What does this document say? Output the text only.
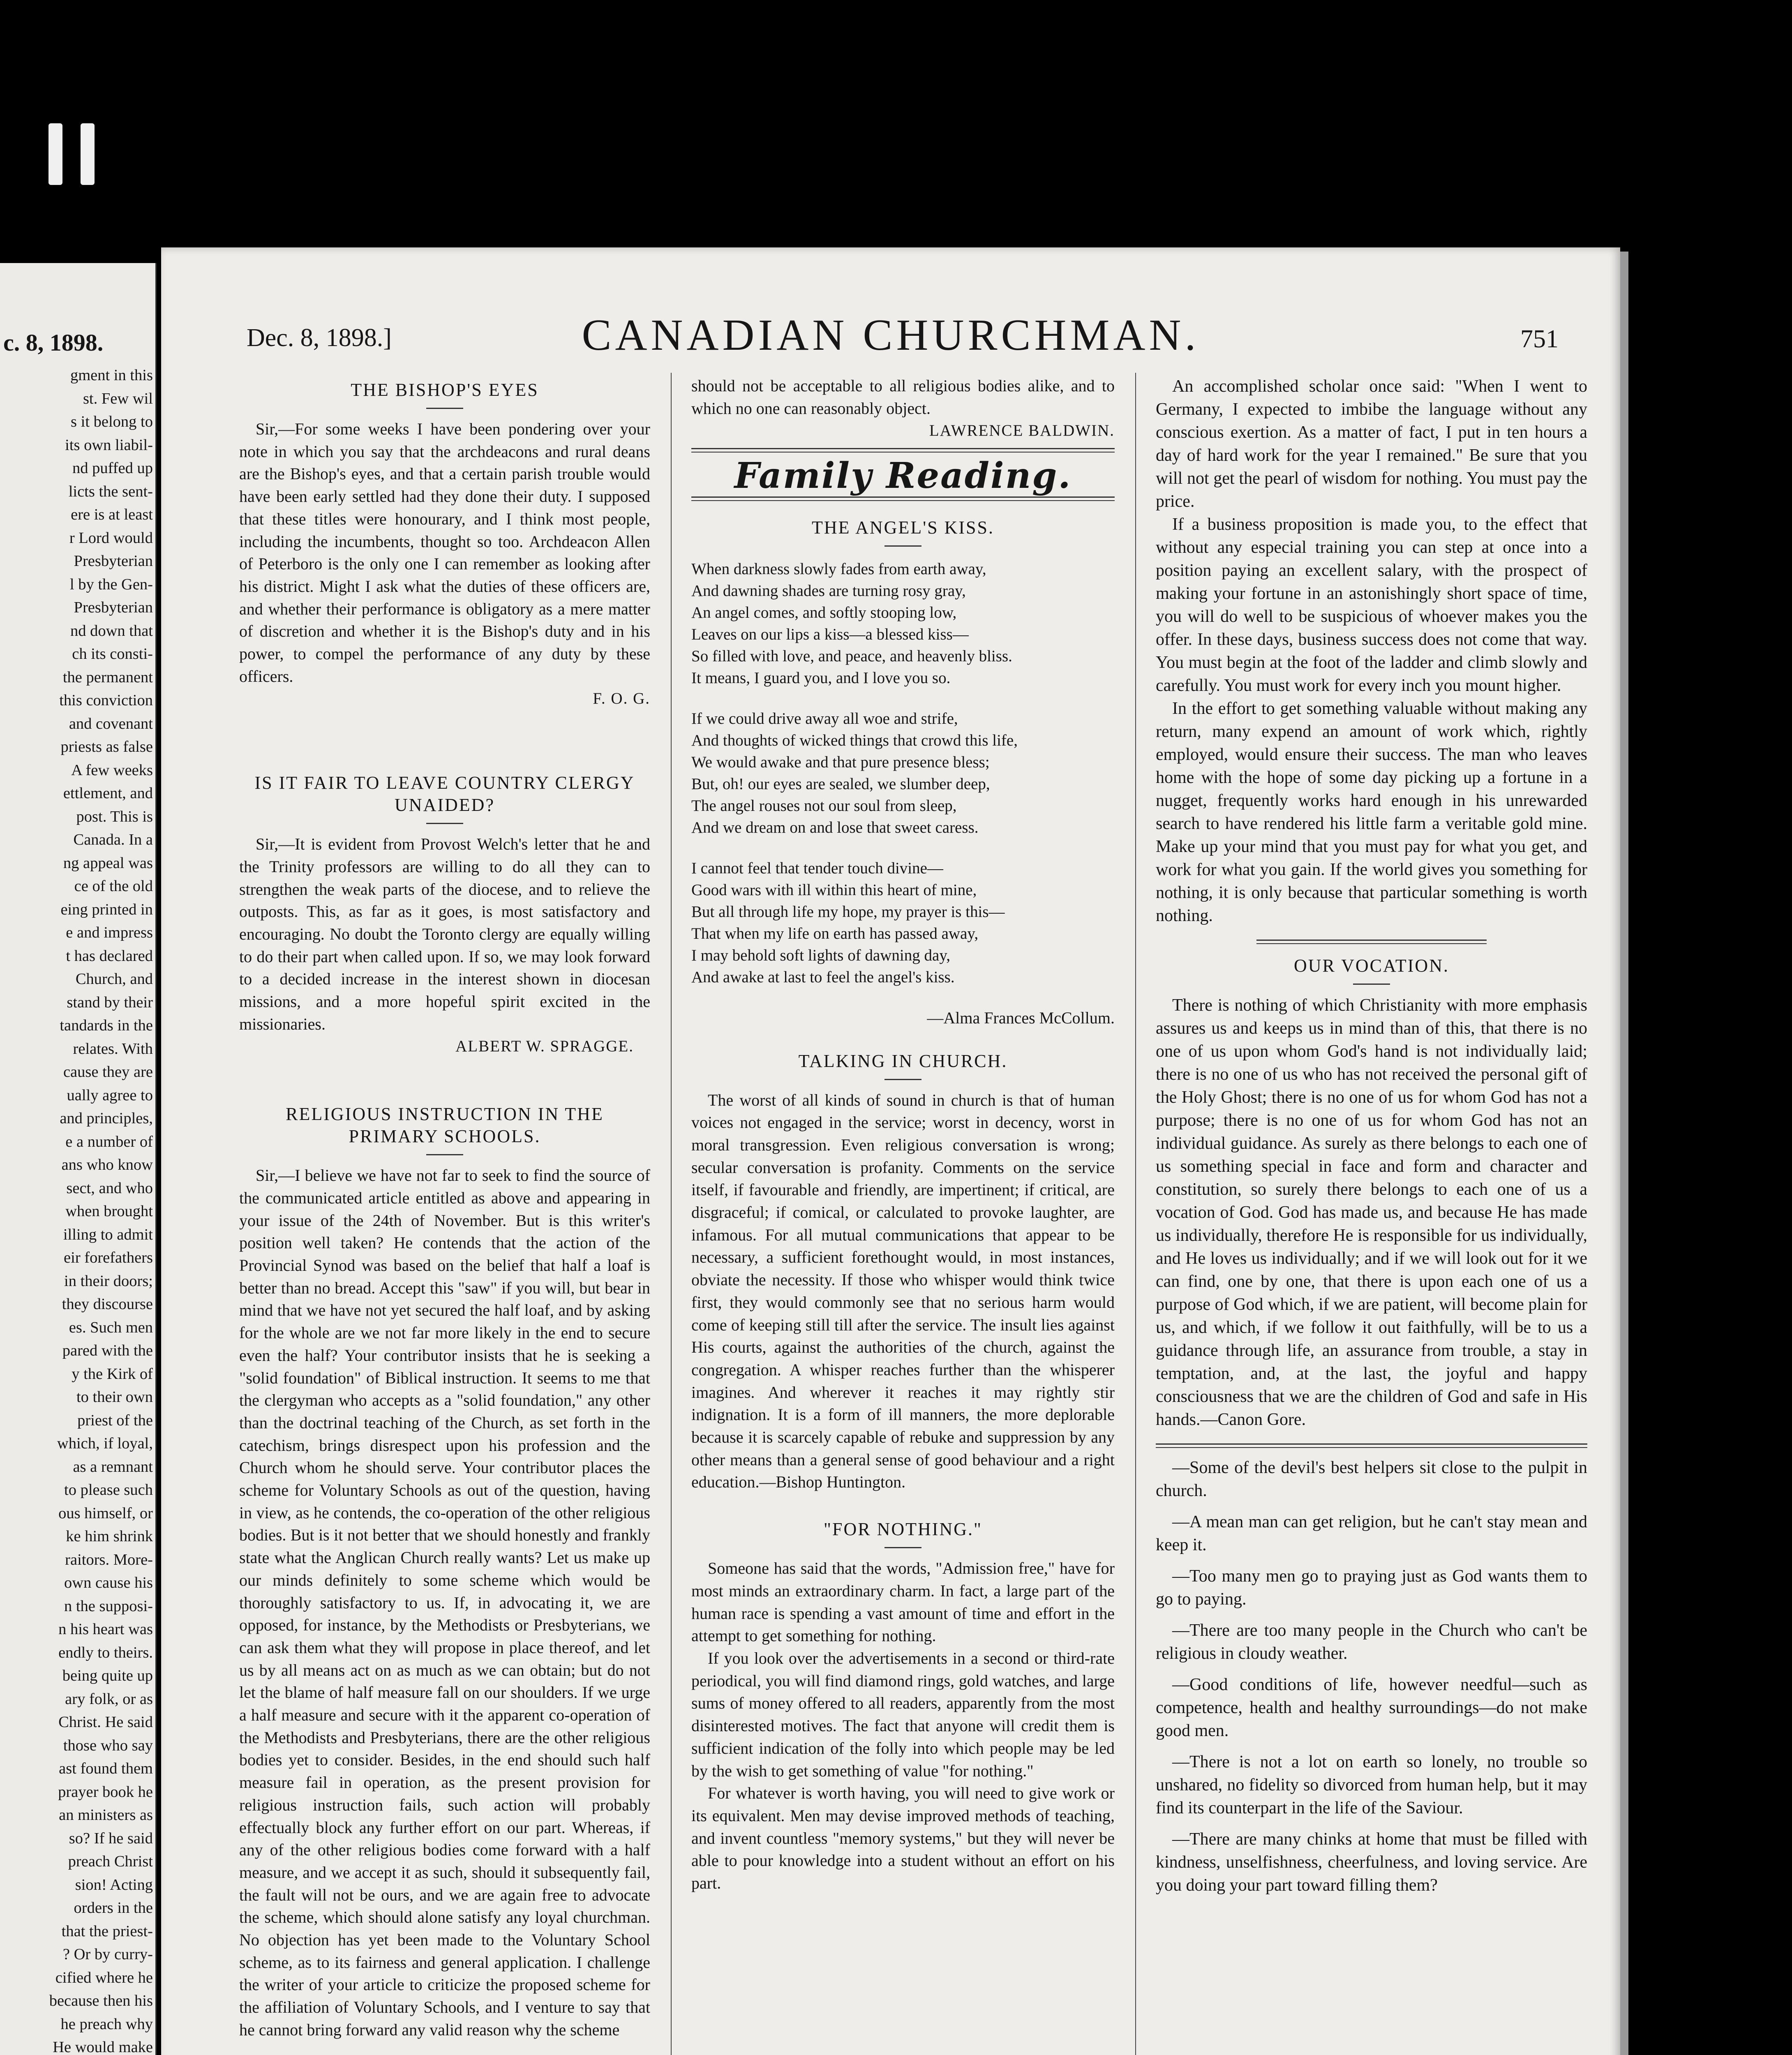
c. 8, 1898.
gment in this
st. Few wil
s it belong to
its own liabil-
nd puffed up
licts the sent-
ere is at least
r Lord would
Presbyterian
l by the Gen-
Presbyterian
nd down that
ch its consti-
the permanent
this conviction
and covenant
priests as false
A few weeks
ettlement, and
post. This is
Canada. In a
ng appeal was
ce of the old
eing printed in
e and impress
t has declared
Church, and
stand by their
tandards in the
relates. With
cause they are
ually agree to
and principles,
e a number of
ans who know
sect, and who
when brought
illing to admit
eir forefathers
in their doors;
they discourse
es. Such men
pared with the
y the Kirk of
to their own
priest of the
which, if loyal,
as a remnant
to please such
ous himself, or
ke him shrink
raitors. More-
own cause his
n the supposi-
n his heart was
endly to theirs.
being quite up
ary folk, or as
Christ. He said
those who say
ast found them
prayer book he
an ministers as
so? If he said
preach Christ
sion! Acting
orders in the
that the priest-
? Or by curry-
cified where he
because then his
he preach why
He would make
Dec. 8, 1898.]	CANADIAN CHURCHMAN.	751
THE BISHOP'S EYES

Sir,—For some weeks I have been pondering over your note in which you say that the archdeacons and rural deans are the Bishop's eyes, and that a certain parish trouble would have been early settled had they done their duty. I supposed that these titles were honourary, and I think most people, including the incumbents, thought so too. Archdeacon Allen of Peterboro is the only one I can remember as looking after his district. Might I ask what the duties of these officers are, and whether their performance is obligatory as a mere matter of discretion and whether it is the Bishop's duty and in his power, to compel the performance of any duty by these officers.

F. O. G.
IS IT FAIR TO LEAVE COUNTRY CLERGY UNAIDED?

Sir,—It is evident from Provost Welch's letter that he and the Trinity professors are willing to do all they can to strengthen the weak parts of the diocese, and to relieve the outposts. This, as far as it goes, is most satisfactory and encouraging. No doubt the Toronto clergy are equally willing to do their part when called upon. If so, we may look forward to a decided increase in the interest shown in diocesan missions, and a more hopeful spirit excited in the missionaries.

ALBERT W. SPRAGGE.
RELIGIOUS INSTRUCTION IN THE PRIMARY SCHOOLS.

Sir,—I believe we have not far to seek to find the source of the communicated article entitled as above and appearing in your issue of the 24th of November. But is this writer's position well taken? He contends that the action of the Provincial Synod was based on the belief that half a loaf is better than no bread. Accept this "saw" if you will, but bear in mind that we have not yet secured the half loaf, and by asking for the whole are we not far more likely in the end to secure even the half? Your contributor insists that he is seeking a "solid foundation" of Biblical instruction. It seems to me that the clergyman who accepts as a "solid foundation," any other than the doctrinal teaching of the Church, as set forth in the catechism, brings disrespect upon his profession and the Church whom he should serve. Your contributor places the scheme for Voluntary Schools as out of the question, having in view, as he contends, the co-operation of the other religious bodies. But is it not better that we should honestly and frankly state what the Anglican Church really wants? Let us make up our minds definitely to some scheme which would be thoroughly satisfactory to us. If, in advocating it, we are opposed, for instance, by the Methodists or Presbyterians, we can ask them what they will propose in place thereof, and let us by all means act on as much as we can obtain; but do not let the blame of half measure fall on our shoulders. If we urge a half measure and secure with it the apparent co-operation of the Methodists and Presbyterians, there are the other religious bodies yet to consider. Besides, in the end should such half measure fail in operation, as the present provision for religious instruction fails, such action will probably effectually block any further effort on our part. Whereas, if any of the other religious bodies come forward with a half measure, and we accept it as such, should it subsequently fail, the fault will not be ours, and we are again free to advocate the scheme, which should alone satisfy any loyal churchman. No objection has yet been made to the Voluntary School scheme, as to its fairness and general application. I challenge the writer of your article to criticize the proposed scheme for the affiliation of Voluntary Schools, and I venture to say that he cannot bring forward any valid reason why the scheme

should not be acceptable to all religious bodies alike, and to which no one can reasonably object.

LAWRENCE BALDWIN.
Family Reading.
THE ANGEL'S KISS.
When darkness slowly fades from earth away,
And dawning shades are turning rosy gray,
An angel comes, and softly stooping low,
Leaves on our lips a kiss—a blessed kiss—
So filled with love, and peace, and heavenly bliss.
It means, I guard you, and I love you so.
If we could drive away all woe and strife,
And thoughts of wicked things that crowd this life,
We would awake and that pure presence bless;
But, oh! our eyes are sealed, we slumber deep,
The angel rouses not our soul from sleep,
And we dream on and lose that sweet caress.
I cannot feel that tender touch divine—
Good wars with ill within this heart of mine,
But all through life my hope, my prayer is this—
That when my life on earth has passed away,
I may behold soft lights of dawning day,
And awake at last to feel the angel's kiss.
—Alma Frances McCollum.
TALKING IN CHURCH.

The worst of all kinds of sound in church is that of human voices not engaged in the service; worst in decency, worst in moral transgression. Even religious conversation is wrong; secular conversation is profanity. Comments on the service itself, if favourable and friendly, are impertinent; if critical, are disgraceful; if comical, or calculated to provoke laughter, are infamous. For all mutual communications that appear to be necessary, a sufficient forethought would, in most instances, obviate the necessity. If those who whisper would think twice first, they would commonly see that no serious harm would come of keeping still till after the service. The insult lies against His courts, against the authorities of the church, against the congregation. A whisper reaches further than the whisperer imagines. And wherever it reaches it may rightly stir indignation. It is a form of ill manners, the more deplorable because it is scarcely capable of rebuke and suppression by any other means than a general sense of good behaviour and a right education.—Bishop Huntington.

"FOR NOTHING."

Someone has said that the words, "Admission free," have for most minds an extraordinary charm. In fact, a large part of the human race is spending a vast amount of time and effort in the attempt to get something for nothing.

If you look over the advertisements in a second or third-rate periodical, you will find diamond rings, gold watches, and large sums of money offered to all readers, apparently from the most disinterested motives. The fact that anyone will credit them is sufficient indication of the folly into which people may be led by the wish to get something of value "for nothing."

For whatever is worth having, you will need to give work or its equivalent. Men may devise improved methods of teaching, and invent countless "memory systems," but they will never be able to pour knowledge into a student without an effort on his part.

An accomplished scholar once said: "When I went to Germany, I expected to imbibe the language without any conscious exertion. As a matter of fact, I put in ten hours a day of hard work for the year I remained." Be sure that you will not get the pearl of wisdom for nothing. You must pay the price.

If a business proposition is made you, to the effect that without any especial training you can step at once into a position paying an excellent salary, with the prospect of making your fortune in an astonishingly short space of time, you will do well to be suspicious of whoever makes you the offer. In these days, business success does not come that way. You must begin at the foot of the ladder and climb slowly and carefully. You must work for every inch you mount higher.

In the effort to get something valuable without making any return, many expend an amount of work which, rightly employed, would ensure their success. The man who leaves home with the hope of some day picking up a fortune in a nugget, frequently works hard enough in his unrewarded search to have rendered his little farm a veritable gold mine. Make up your mind that you must pay for what you get, and work for what you gain. If the world gives you something for nothing, it is only because that particular something is worth nothing.

OUR VOCATION.

There is nothing of which Christianity with more emphasis assures us and keeps us in mind than of this, that there is no one of us upon whom God's hand is not individually laid; there is no one of us who has not received the personal gift of the Holy Ghost; there is no one of us for whom God has not a purpose; there is no one of us for whom God has not an individual guidance. As surely as there belongs to each one of us something special in face and form and character and constitution, so surely there belongs to each one of us a vocation of God. God has made us, and because He has made us individually, therefore He is responsible for us individually, and He loves us individually; and if we will look out for it we can find, one by one, that there is upon each one of us a purpose of God which, if we are patient, will become plain for us, and which, if we follow it out faithfully, will be to us a guidance through life, an assurance from trouble, a stay in temptation, and, at the last, the joyful and happy consciousness that we are the children of God and safe in His hands.—Canon Gore.

—Some of the devil's best helpers sit close to the pulpit in church.

—A mean man can get religion, but he can't stay mean and keep it.

—Too many men go to praying just as God wants them to go to paying.

—There are too many people in the Church who can't be religious in cloudy weather.

—Good conditions of life, however needful—such as competence, health and healthy surroundings—do not make good men.

—There is not a lot on earth so lonely, no trouble so unshared, no fidelity so divorced from human help, but it may find its counterpart in the life of the Saviour.

—There are many chinks at home that must be filled with kindness, unselfishness, cheerfulness, and loving service. Are you doing your part toward filling them?
